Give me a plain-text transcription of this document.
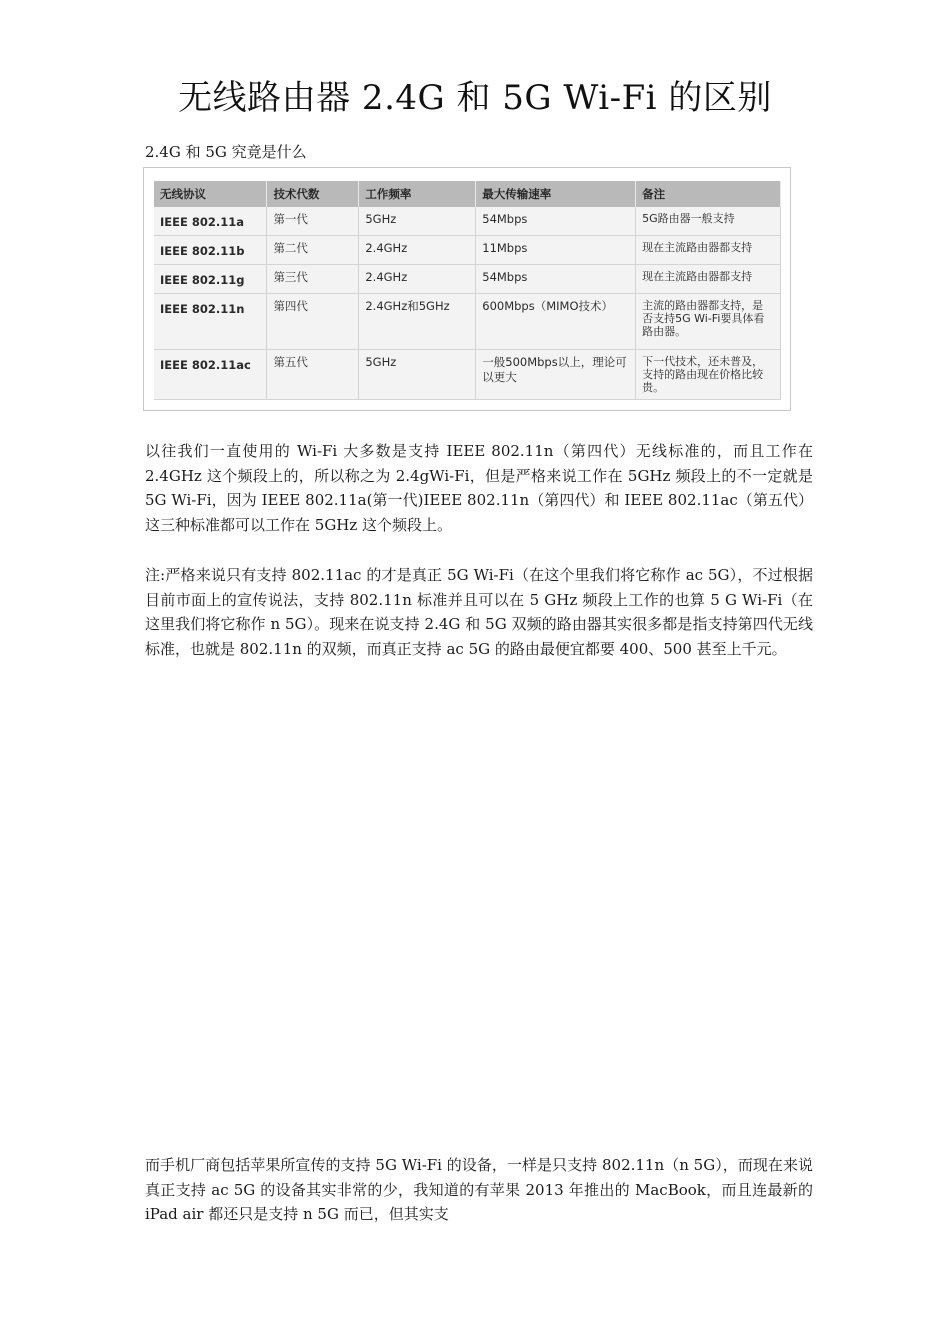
无线路由器 2.4G 和 5G Wi-Fi 的区别
2.4G 和 5G 究竟是什么
无线协议	技术代数	工作频率	最大传输速率	备注
IEEE 802.11a	第一代	5GHz	54Mbps	5G路由器一般支持
IEEE 802.11b	第二代	2.4GHz	11Mbps	现在主流路由器都支持
IEEE 802.11g	第三代	2.4GHz	54Mbps	现在主流路由器都支持
IEEE 802.11n	第四代	2.4GHz和5GHz	600Mbps（MIMO技术）	主流的路由器都支持，是否支持5G Wi-Fi要具体看路由器。
IEEE 802.11ac	第五代	5GHz	一般500Mbps以上，理论可以更大	下一代技术，还未普及，支持的路由现在价格比较贵。

以往我们一直使用的 Wi-Fi 大多数是支持 IEEE 802.11n（第四代）无线标准的，而且工作在 2.4GHz 这个频段上的，所以称之为 2.4gWi-Fi，但是严格来说工作在 5GHz 频段上的不一定就是 5G Wi-Fi，因为 IEEE 802.11a(第一代)IEEE 802.11n（第四代）和 IEEE 802.11ac（第五代）这三种标准都可以工作在 5GHz 这个频段上。

注:严格来说只有支持 802.11ac 的才是真正 5G Wi-Fi（在这个里我们将它称作 ac 5G），不过根据目前市面上的宣传说法，支持 802.11n 标准并且可以在 5 GHz 频段上工作的也算 5 G Wi-Fi（在这里我们将它称作 n 5G）。现来在说支持 2.4G 和 5G 双频的路由器其实很多都是指支持第四代无线标准，也就是 802.11n 的双频，而真正支持 ac 5G 的路由最便宜都要 400、500 甚至上千元。

而手机厂商包括苹果所宣传的支持 5G Wi-Fi 的设备，一样是只支持 802.11n（n 5G），而现在来说真正支持 ac 5G 的设备其实非常的少，我知道的有苹果 2013 年推出的 MacBook，而且连最新的 iPad air 都还只是支持 n 5G 而已，但其实支
